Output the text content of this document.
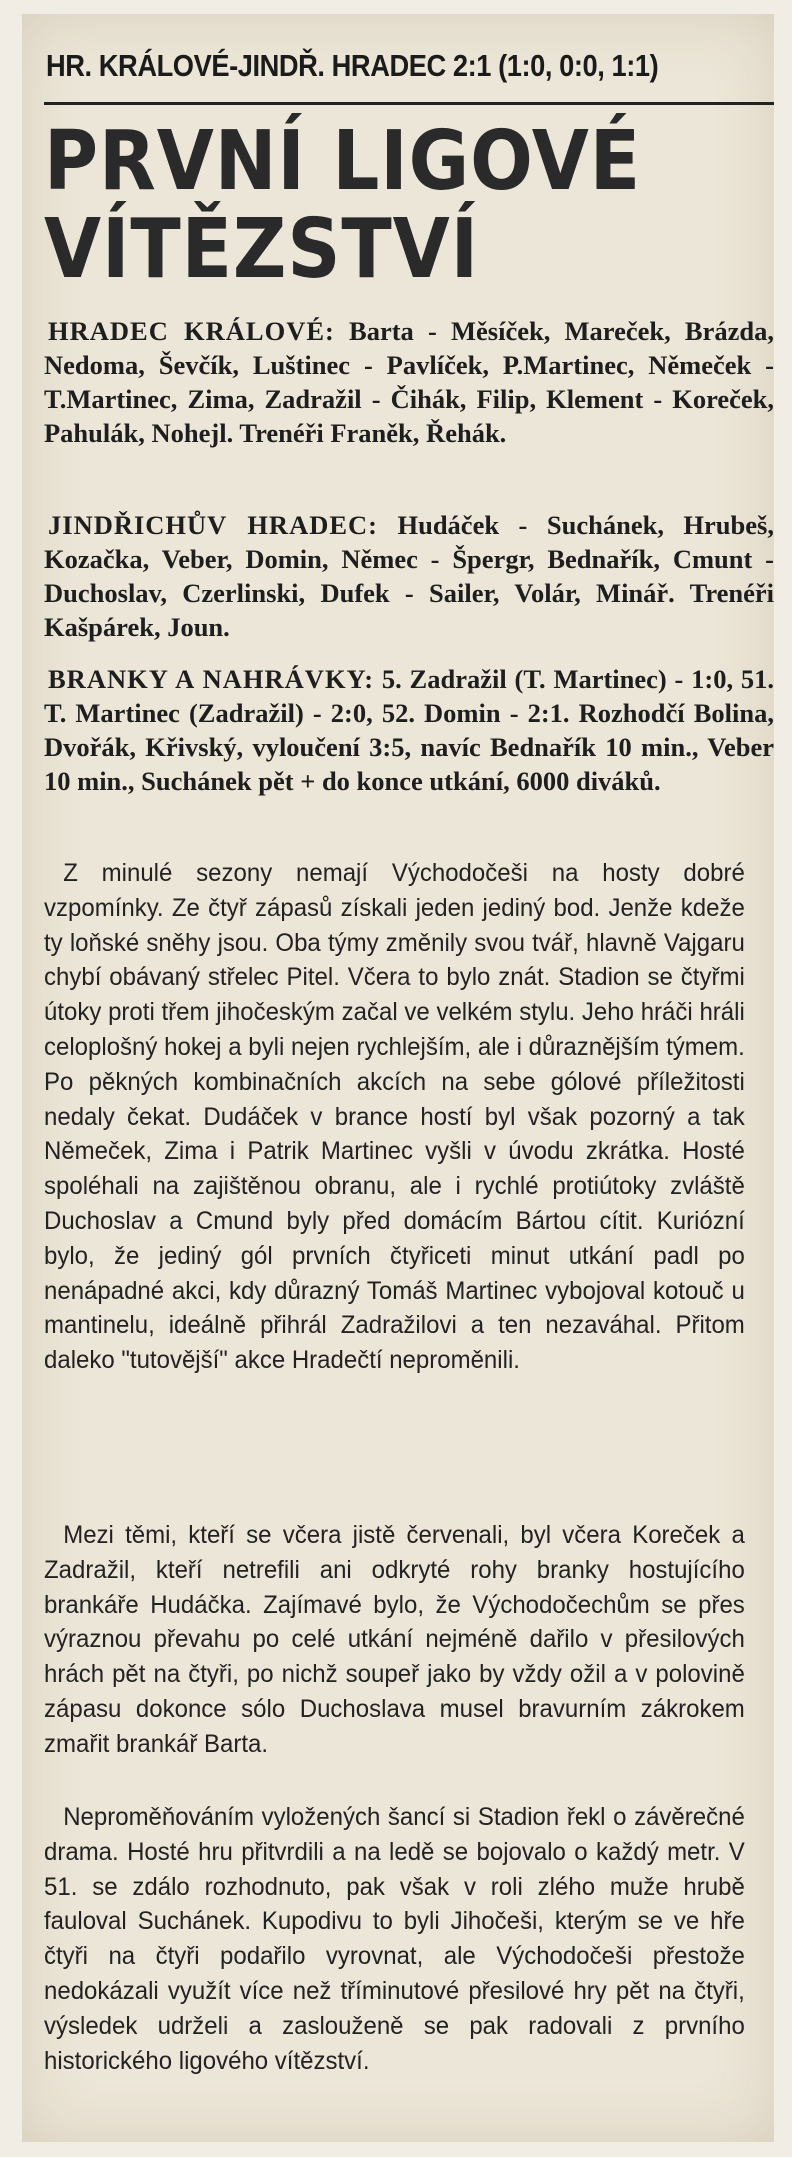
HR. KRÁLOVÉ-JINDŘ. HRADEC 2:1 (1:0, 0:0, 1:1)
PRVNÍ LIGOVÉ
VÍTĚZSTVÍ
HRADEC KRÁLOVÉ: Barta - Měsíček, Mareček, Brázda, Nedoma, Ševčík, Luštinec - Pavlíček, P.Martinec, Němeček - T.Martinec, Zima, Zadražil - Čihák, Filip, Klement - Koreček, Pahulák, Nohejl. Trenéři Franěk, Řehák.
JINDŘICHŮV HRADEC: Hudáček - Suchánek, Hrubeš, Kozačka, Veber, Domin, Němec - Špergr, Bednařík, Cmunt - Duchoslav, Czerlinski, Dufek - Sailer, Volár, Minář. Trenéři Kašpárek, Joun.
BRANKY A NAHRÁVKY: 5. Zadražil (T. Martinec) - 1:0, 51. T. Martinec (Zadražil) - 2:0, 52. Domin - 2:1. Rozhodčí Bolina, Dvořák, Křivský, vyloučení 3:5, navíc Bednařík 10 min., Veber 10 min., Suchánek pět + do konce utkání, 6000 diváků.
Z minulé sezony nemají Východočeši na hosty dobré vzpomínky. Ze čtyř zápasů získali jeden jediný bod. Jenže kdeže ty loňské sněhy jsou. Oba týmy změnily svou tvář, hlavně Vajgaru chybí obávaný střelec Pitel. Včera to bylo znát. Stadion se čtyřmi útoky proti třem jihočeským začal ve velkém stylu. Jeho hráči hráli celoplošný hokej a byli nejen rychlejším, ale i důraznějším týmem. Po pěkných kombinačních akcích na sebe gólové příležitosti nedaly čekat. Dudáček v brance hostí byl však pozorný a tak Němeček, Zima i Patrik Martinec vyšli v úvodu zkrátka. Hosté spoléhali na zajištěnou obranu, ale i rychlé protiútoky zvláště Duchoslav a Cmund byly před domácím Bártou cítit. Kuriózní bylo, že jediný gól prvních čtyřiceti minut utkání padl po nenápadné akci, kdy důrazný Tomáš Martinec vybojoval kotouč u mantinelu, ideálně přihrál Zadražilovi a ten nezaváhal. Přitom daleko "tutovější" akce Hradečtí neproměnili.
Mezi těmi, kteří se včera jistě červenali, byl včera Koreček a Zadražil, kteří netrefili ani odkryté rohy branky hostujícího brankáře Hudáčka. Zajímavé bylo, že Východočechům se přes výraznou převahu po celé utkání nejméně dařilo v přesilových hrách pět na čtyři, po nichž soupeř jako by vždy ožil a v polovině zápasu dokonce sólo Duchoslava musel bravurním zákrokem zmařit brankář Barta.
Neproměňováním vyložených šancí si Stadion řekl o závěrečné drama. Hosté hru přitvrdili a na ledě se bojovalo o každý metr. V 51. se zdálo rozhodnuto, pak však v roli zlého muže hrubě fauloval Suchánek. Kupodivu to byli Jihočeši, kterým se ve hře čtyři na čtyři podařilo vyrovnat, ale Východočeši přestože nedokázali využít více než tříminutové přesilové hry pět na čtyři, výsledek udrželi a zaslouženě se pak radovali z prvního historického ligového vítězství.
